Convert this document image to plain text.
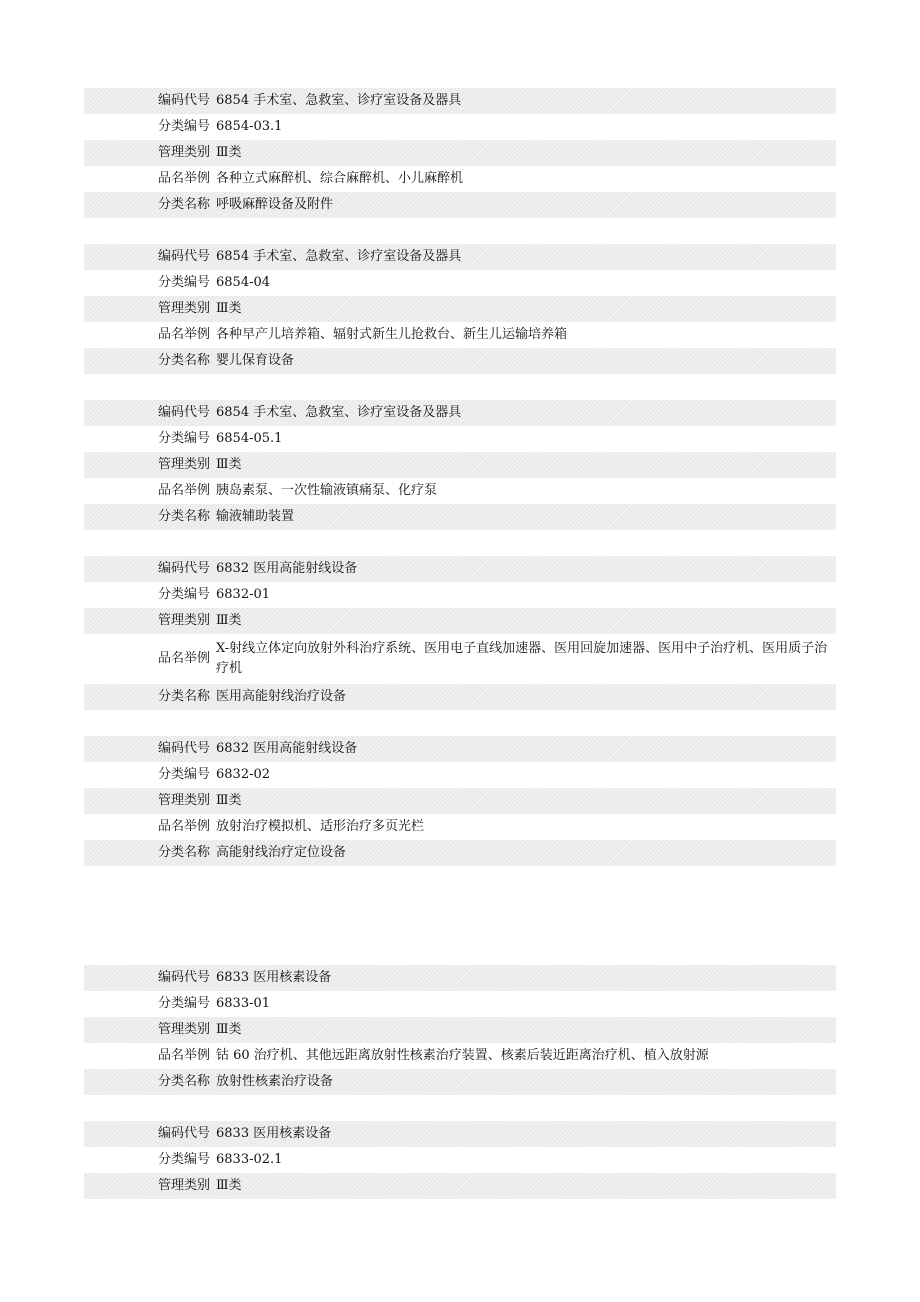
编码代号 6854 手术室、急救室、诊疗室设备及器具
分类编号 6854-03.1
管理类别 Ⅲ类
品名举例 各种立式麻醉机、综合麻醉机、小儿麻醉机
分类名称 呼吸麻醉设备及附件
编码代号 6854 手术室、急救室、诊疗室设备及器具
分类编号 6854-04
管理类别 Ⅲ类
品名举例 各种早产儿培养箱、辐射式新生儿抢救台、新生儿运输培养箱
分类名称 婴儿保育设备
编码代号 6854 手术室、急救室、诊疗室设备及器具
分类编号 6854-05.1
管理类别 Ⅲ类
品名举例 胰岛素泵、一次性输液镇痛泵、化疗泵
分类名称 输液辅助装置
编码代号 6832 医用高能射线设备
分类编号 6832-01
管理类别 Ⅲ类
品名举例
X-射线立体定向放射外科治疗系统、医用电子直线加速器、医用回旋加速器、医用中子治疗机、医用质子治疗机
分类名称 医用高能射线治疗设备
编码代号 6832 医用高能射线设备
分类编号 6832-02
管理类别 Ⅲ类
品名举例 放射治疗模拟机、适形治疗多页光栏
分类名称 高能射线治疗定位设备
编码代号 6833 医用核素设备
分类编号 6833-01
管理类别 Ⅲ类
品名举例 钴 60 治疗机、其他远距离放射性核素治疗装置、核素后装近距离治疗机、植入放射源
分类名称 放射性核素治疗设备
编码代号 6833 医用核素设备
分类编号 6833-02.1
管理类别 Ⅲ类
